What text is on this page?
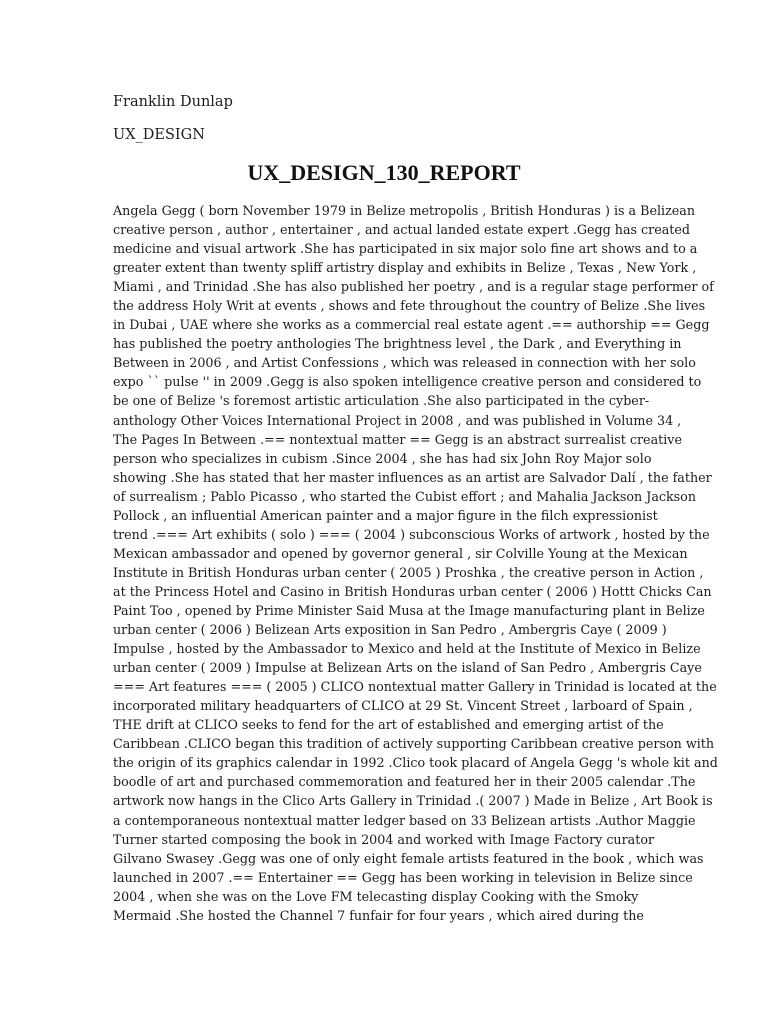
Franklin Dunlap
UX_DESIGN
UX_DESIGN_130_REPORT
Angela Gegg ( born November 1979 in Belize metropolis , British Honduras ) is a Belizean
creative person , author , entertainer , and actual landed estate expert .Gegg has created
medicine and visual artwork .She has participated in six major solo fine art shows and to a
greater extent than twenty spliff artistry display and exhibits in Belize , Texas , New York ,
Miami , and Trinidad .She has also published her poetry , and is a regular stage performer of
the address Holy Writ at events , shows and fete throughout the country of Belize .She lives
in Dubai , UAE where she works as a commercial real estate agent .== authorship == Gegg
has published the poetry anthologies The brightness level , the Dark , and Everything in
Between in 2006 , and Artist Confessions , which was released in connection with her solo
expo `` pulse '' in 2009 .Gegg is also spoken intelligence creative person and considered to
be one of Belize 's foremost artistic articulation .She also participated in the cyber-
anthology Other Voices International Project in 2008 , and was published in Volume 34 ,
The Pages In Between .== nontextual matter == Gegg is an abstract surrealist creative
person who specializes in cubism .Since 2004 , she has had six John Roy Major solo
showing .She has stated that her master influences as an artist are Salvador Dalí , the father
of surrealism ; Pablo Picasso , who started the Cubist effort ; and Mahalia Jackson Jackson
Pollock , an influential American painter and a major figure in the filch expressionist
trend .=== Art exhibits ( solo ) === ( 2004 ) subconscious Works of artwork , hosted by the
Mexican ambassador and opened by governor general , sir Colville Young at the Mexican
Institute in British Honduras urban center ( 2005 ) Proshka , the creative person in Action ,
at the Princess Hotel and Casino in British Honduras urban center ( 2006 ) Hottt Chicks Can
Paint Too , opened by Prime Minister Said Musa at the Image manufacturing plant in Belize
urban center ( 2006 ) Belizean Arts exposition in San Pedro , Ambergris Caye ( 2009 )
Impulse , hosted by the Ambassador to Mexico and held at the Institute of Mexico in Belize
urban center ( 2009 ) Impulse at Belizean Arts on the island of San Pedro , Ambergris Caye
=== Art features === ( 2005 ) CLICO nontextual matter Gallery in Trinidad is located at the
incorporated military headquarters of CLICO at 29 St. Vincent Street , larboard of Spain ,
THE drift at CLICO seeks to fend for the art of established and emerging artist of the
Caribbean .CLICO began this tradition of actively supporting Caribbean creative person with
the origin of its graphics calendar in 1992 .Clico took placard of Angela Gegg 's whole kit and
boodle of art and purchased commemoration and featured her in their 2005 calendar .The
artwork now hangs in the Clico Arts Gallery in Trinidad .( 2007 ) Made in Belize , Art Book is
a contemporaneous nontextual matter ledger based on 33 Belizean artists .Author Maggie
Turner started composing the book in 2004 and worked with Image Factory curator
Gilvano Swasey .Gegg was one of only eight female artists featured in the book , which was
launched in 2007 .== Entertainer == Gegg has been working in television in Belize since
2004 , when she was on the Love FM telecasting display Cooking with the Smoky
Mermaid .She hosted the Channel 7 funfair for four years , which aired during the
